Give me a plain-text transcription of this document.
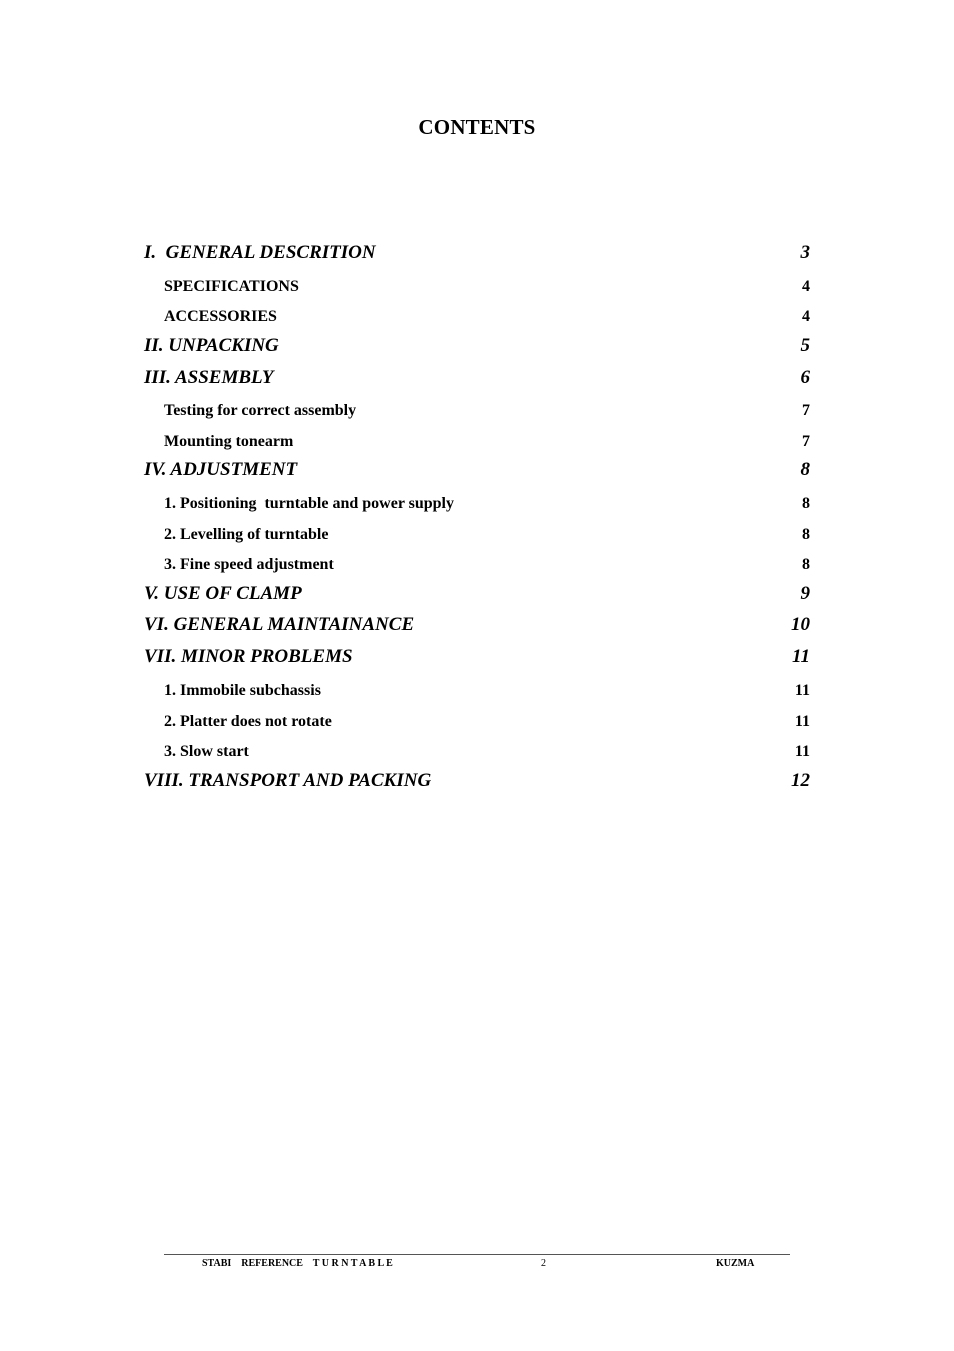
CONTENTS
I.  GENERAL DESCRITION	3
SPECIFICATIONS	4
ACCESSORIES	4
II. UNPACKING	5
III. ASSEMBLY	6
Testing for correct assembly	7
Mounting tonearm	7
IV. ADJUSTMENT	8
1. Positioning  turntable and power supply	8
2. Levelling of turntable	8
3. Fine speed adjustment	8
V. USE OF CLAMP	9
VI. GENERAL MAINTAINANCE	10
VII. MINOR PROBLEMS	11
1. Immobile subchassis	11
2. Platter does not rotate	11
3. Slow start	11
VIII. TRANSPORT AND PACKING	12
STABI    REFERENCE    T U R N T A B L E	2	KUZMA
